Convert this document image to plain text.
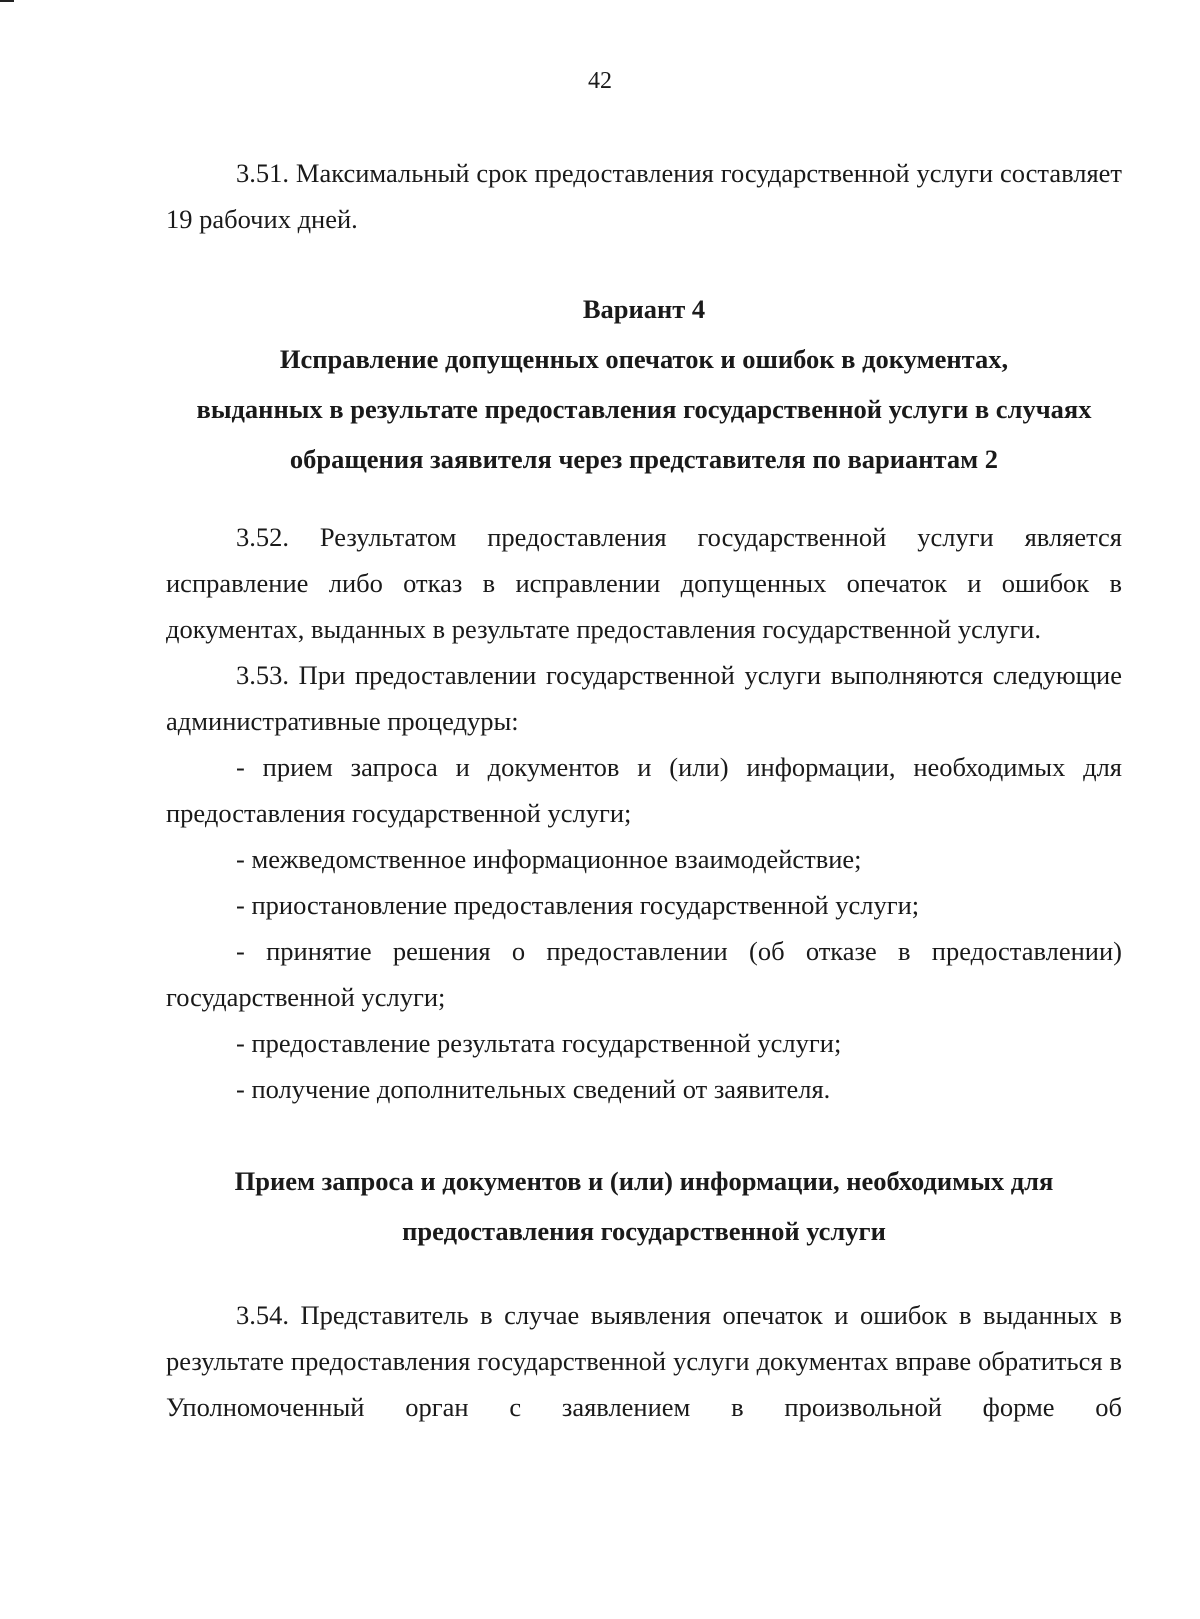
42

3.51. Максимальный срок предоставления государственной услуги составляет 19 рабочих дней.

Вариант 4

Исправление допущенных опечаток и ошибок в документах,
выданных в результате предоставления государственной услуги в случаях
обращения заявителя через представителя по вариантам 2

3.52. Результатом предоставления государственной услуги является исправление либо отказ в исправлении допущенных опечаток и ошибок в документах, выданных в результате предоставления государственной услуги.

3.53. При предоставлении государственной услуги выполняются следующие административные процедуры:

- прием запроса и документов и (или) информации, необходимых для предоставления государственной услуги;

- межведомственное информационное взаимодействие;

- приостановление предоставления государственной услуги;

- принятие решения о предоставлении (об отказе в предоставлении) государственной услуги;

- предоставление результата государственной услуги;

- получение дополнительных сведений от заявителя.

Прием запроса и документов и (или) информации, необходимых для
предоставления государственной услуги

3.54. Представитель в случае выявления опечаток и ошибок в выданных в результате предоставления государственной услуги документах вправе обратиться в Уполномоченный орган с заявлением в произвольной форме об
